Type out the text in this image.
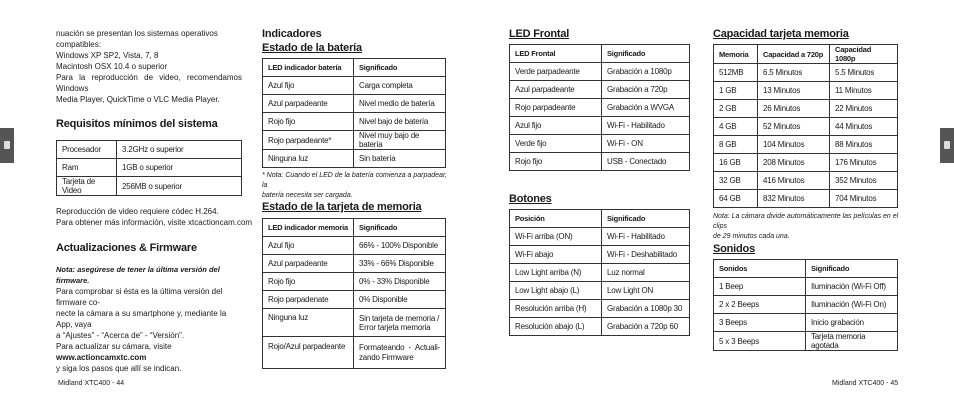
nuación se presentan los sistemas operativos compatibles:
Windows XP SP2, Vista, 7, 8
Macintosh OSX 10.4 o superior
Para la reproducción de video, recomendamos Windows
Media Player, QuickTime o VLC Media Player.
Requisitos mínimos del sistema
Procesador	3.2GHz o superior
Ram	1GB o superior
Tarjeta de Video	256MB o superior
Reproducción de video requiere códec H.264.
Para obtener más información, visite xtcactioncam.com
Actualizaciones & Firmware
Nota: asegúrese de tener la última versión del firmware.
Para comprobar si ésta es la última versión del firmware co-
necte la cámara a su smartphone y, mediante la App, vaya
a “Ajustes” - “Acerca de” - “Versión”.
Para actualizar su cámara, visite www.actioncamxtc.com
y siga los pasos que allí se indican.
Midland XTC400 - 44
Indicadores
Estado de la batería
LED indicador batería	Significado
Azul fijo	Carga completa
Azul parpadeante	Nivel medio de batería
Rojo fijo	Nivel bajo de batería
Rojo parpadeante*	Nivel muy bajo de batería
Ninguna luz	Sin batería
* Nota: Cuando el LED de la batería comienza a parpadear, la
batería necesita ser cargada.
Estado de la tarjeta de memoria
LED indicador memoria	Significado
Azul fijo	66% - 100% Disponible
Azul parpadeante	33% - 66% Disponible
Rojo fijo	0% - 33% Disponible
Rojo parpadenate	0% Disponible
Ninguna luz	Sin tarjeta de memoria / Error tarjeta memoria
Rojo/Azul parpadeante	Formateando - Actuali- zando Firmware
LED Frontal
LED Frontal	Significado
Verde parpadeante	Grabación a 1080p
Azul parpadeante	Grabación a 720p
Rojo parpadeante	Grabación a WVGA
Azul fijo	Wi-Fi - Habilitado
Verde fijo	Wi-Fi - ON
Rojo fijo	USB - Conectado
Botones
Posición	Significado
Wi-Fi arriba (ON)	Wi-Fi - Habilitado
Wi-Fi abajo	Wi-Fi - Deshabilitado
Low Light arriba (N)	Luz normal
Low Light abajo (L)	Low Light ON
Resolución arriba (H)	Grabación a 1080p 30
Resolución abajo (L)	Grabación a 720p 60
Capacidad tarjeta memoria
Memoria	Capacidad a 720p	Capacidad 1080p
512MB	6.5 Minutos	5.5 Minutos
1 GB	13 Minutos	11 Minutos
2 GB	26 Minutos	22 Minutos
4 GB	52 Minutos	44 Minutos
8 GB	104 Minutos	88 Minutos
16 GB	208 Minutos	176 Minutos
32 GB	416 Minutos	352 Minutos
64 GB	832 Minutos	704 Minutos
Nota: La cámara divide automáticamente las películas en el clips
de 29 minutos cada una.
Sonidos
Sonidos	Significado
1 Beep	Iluminación (Wi-Fi Off)
2 x 2 Beeps	Iluminación (Wi-Fi On)
3 Beeps	Inicio grabación
5 x 3 Beeps	Tarjeta memoria agotada
Midland XTC400 - 45
